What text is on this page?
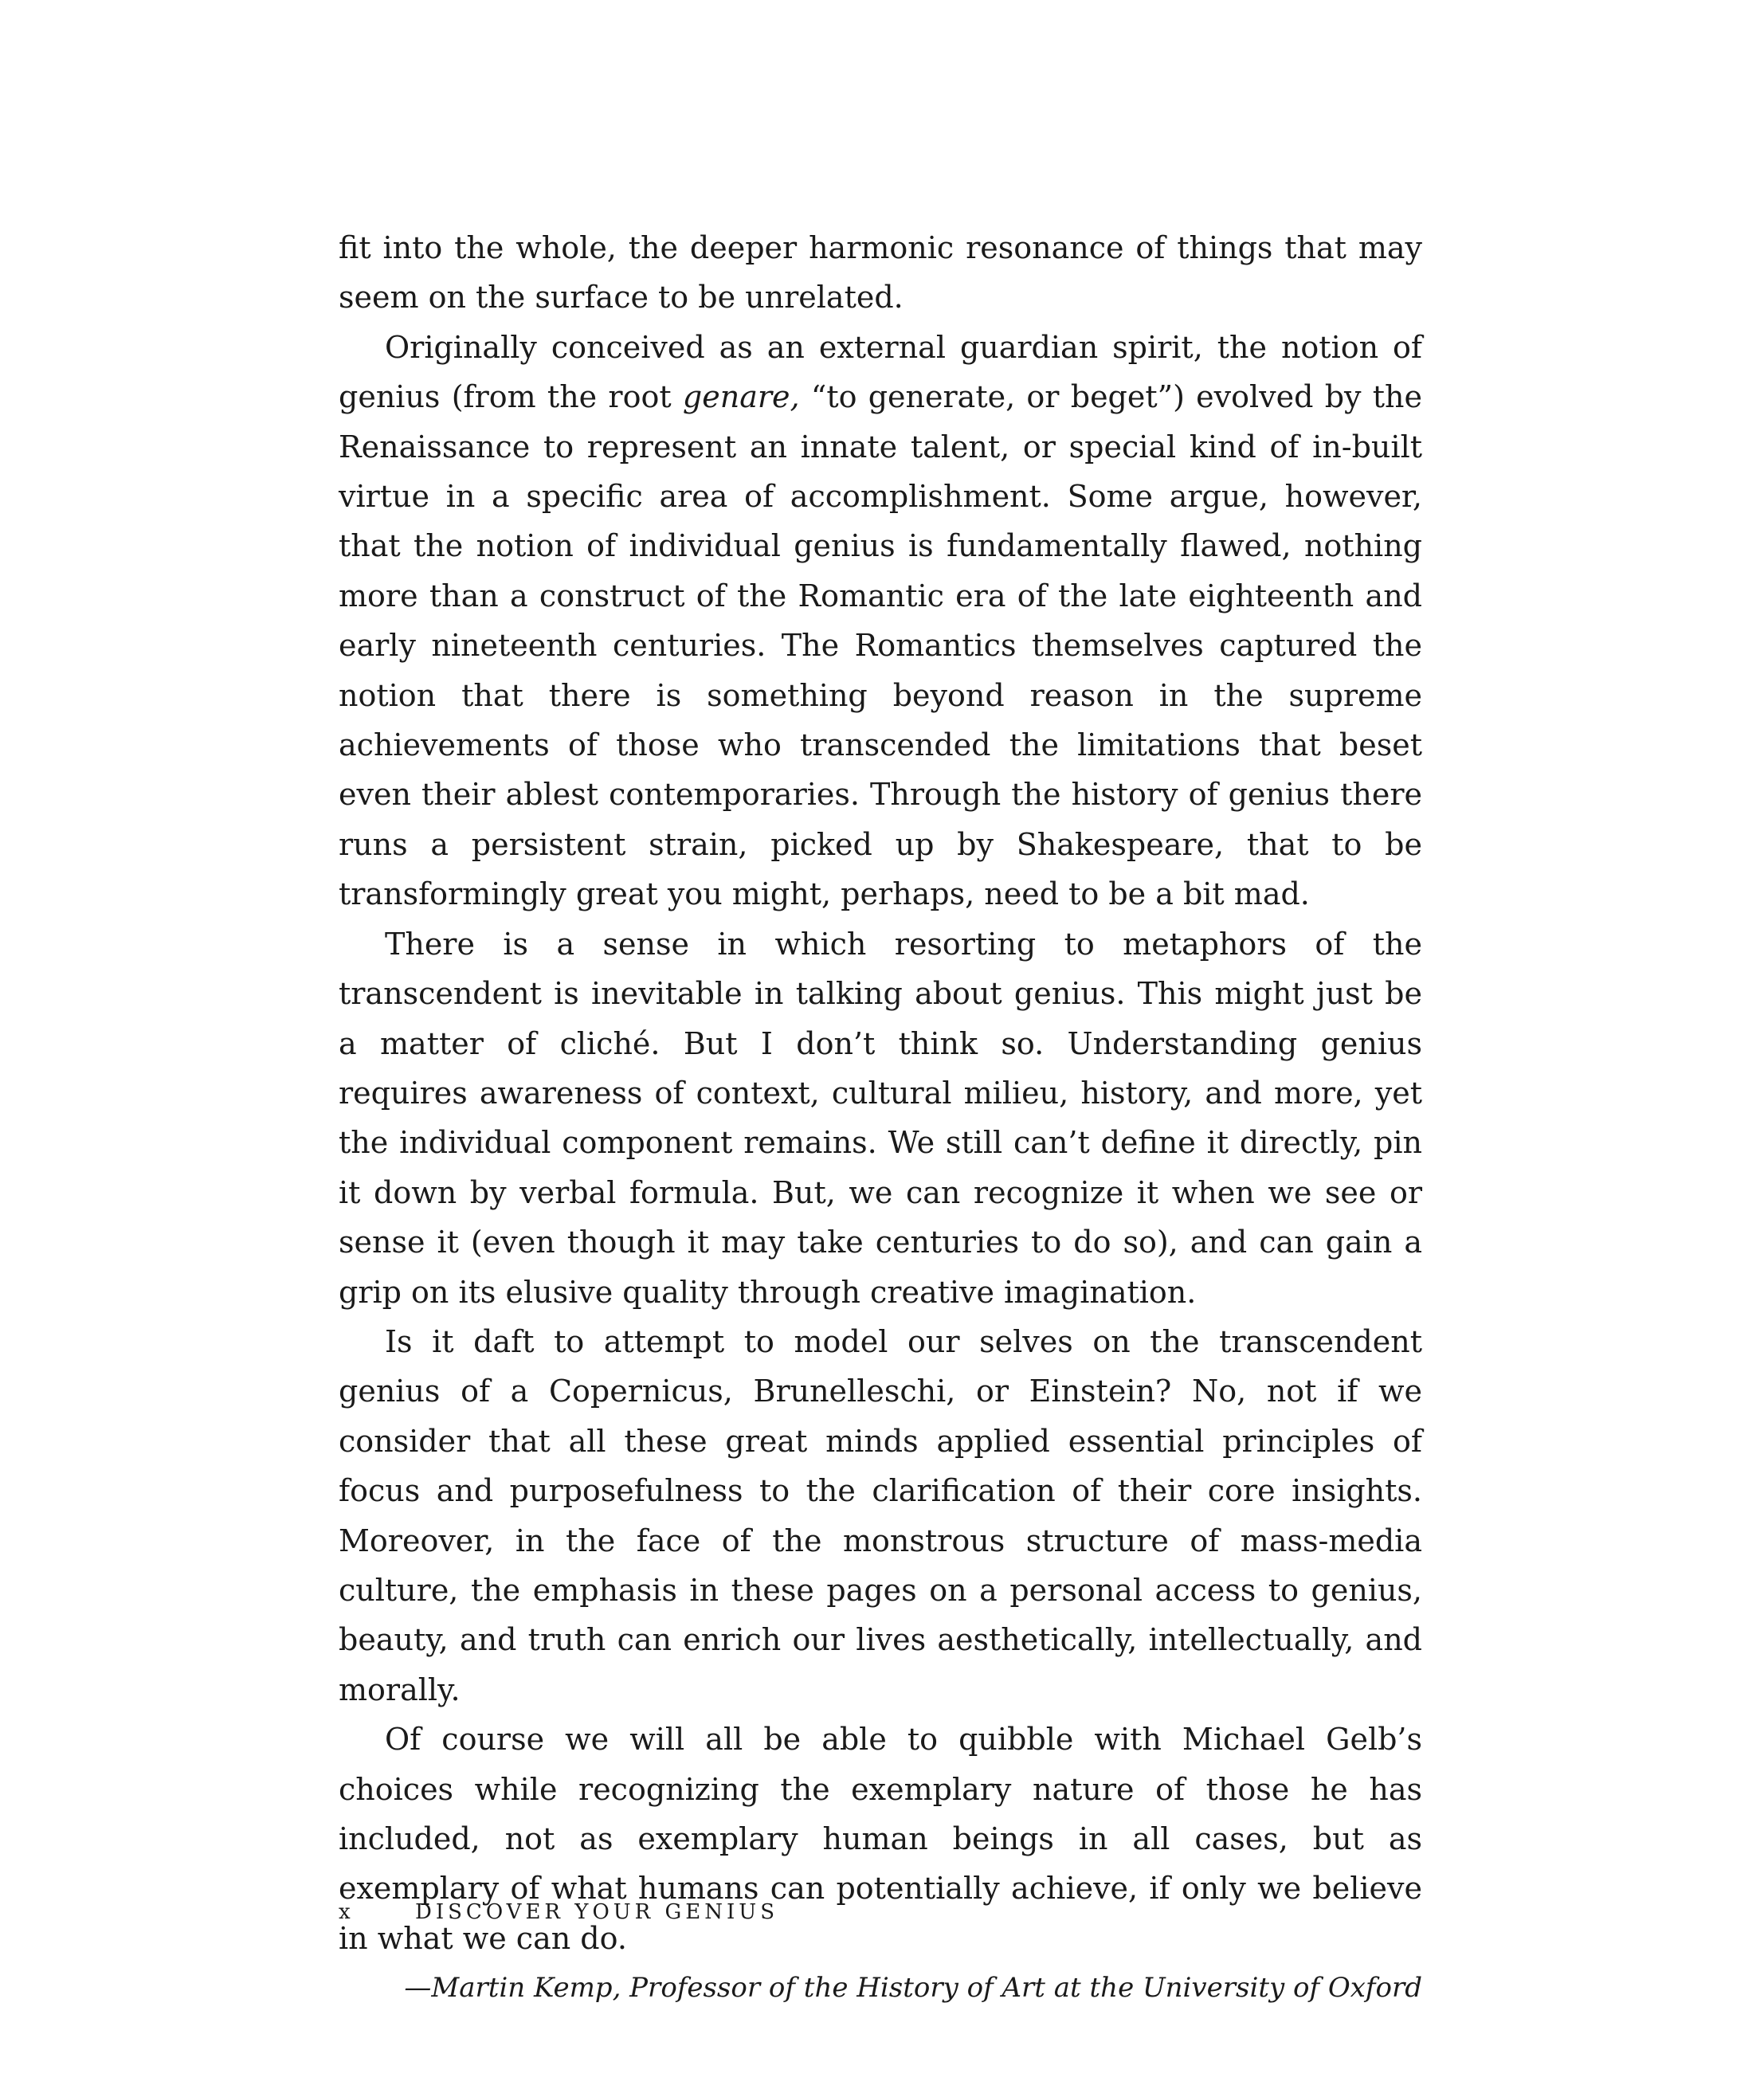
fit into the whole, the deeper harmonic resonance of things that may seem on the surface to be unrelated.

Originally conceived as an external guardian spirit, the notion of genius (from the root genare, “to generate, or beget”) evolved by the Renaissance to represent an innate talent, or special kind of in-built virtue in a specific area of accomplishment. Some argue, however, that the notion of individual genius is fundamentally flawed, nothing more than a construct of the Romantic era of the late eighteenth and early nineteenth centuries. The Romantics themselves captured the notion that there is something beyond reason in the supreme achievements of those who transcended the limitations that beset even their ablest contemporaries. Through the history of genius there runs a persistent strain, picked up by Shakespeare, that to be transformingly great you might, perhaps, need to be a bit mad.

There is a sense in which resorting to metaphors of the transcendent is inevitable in talking about genius. This might just be a matter of cliché. But I don’t think so. Understanding genius requires awareness of context, cultural milieu, history, and more, yet the individual component remains. We still can’t define it directly, pin it down by verbal formula. But, we can recognize it when we see or sense it (even though it may take centuries to do so), and can gain a grip on its elusive quality through creative imagination.

Is it daft to attempt to model our selves on the transcendent genius of a Copernicus, Brunelleschi, or Einstein? No, not if we consider that all these great minds applied essential principles of focus and purposefulness to the clarification of their core insights. Moreover, in the face of the monstrous structure of mass-media culture, the emphasis in these pages on a personal access to genius, beauty, and truth can enrich our lives aesthetically, intellectually, and morally.

Of course we will all be able to quibble with Michael Gelb’s choices while recognizing the exemplary nature of those he has included, not as exemplary human beings in all cases, but as exemplary of what humans can potentially achieve, if only we believe in what we can do.

—Martin Kemp, Professor of the History of Art at the University of Oxford

x	DISCOVER YOUR GENIUS
